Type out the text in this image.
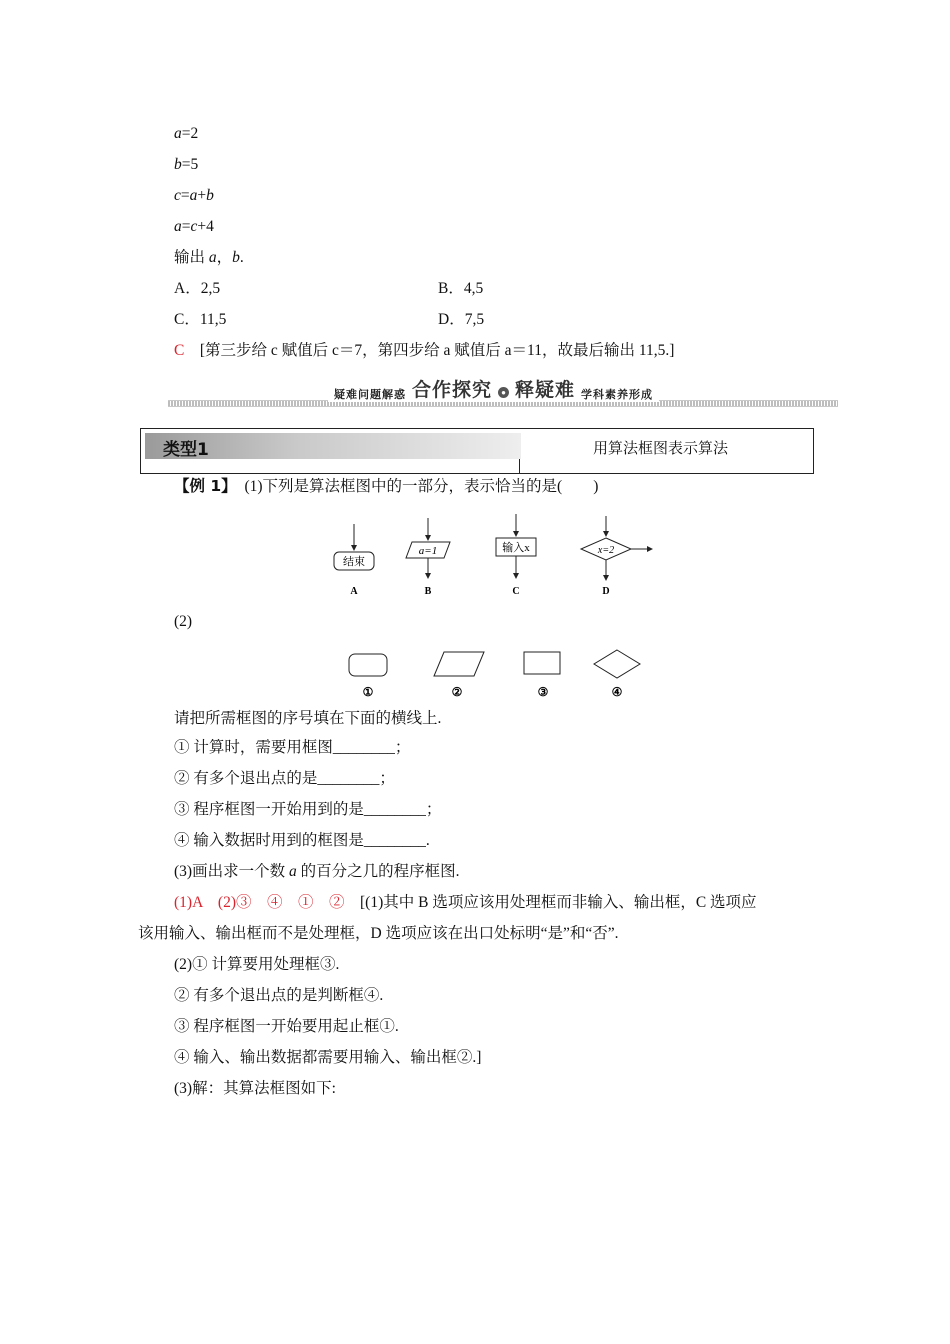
a=2
b=5
c=a+b
a=c+4
输出 a，b.
A．2,5	B．4,5
C．11,5	D．7,5
C　 [第三步给 c 赋值后 c＝7，第四步给 a 赋值后 a＝11，故最后输出 11,5.]
疑难问题解惑 合作探究	● 释疑难 学科素养形成
类型1	用算法框图表示算法
【例 1】　 (1)下列是算法框图中的一部分，表示恰当的是(　　)
结束
A
a=1
B
输入x
C
x=2
D
(2)
①	②	③	④
请把所需框图的序号填在下面的横线上.
① 计算时，需要用框图________；
② 有多个退出点的是________；
③ 程序框图一开始用到的是________；
④ 输入数据时用到的框图是________.
(3)画出求一个数 a 的百分之几的程序框图.
(1)A　(2)③　④　①　②　 [(1)其中 B 选项应该用处理框而非输入、输出框，C 选项应
该用输入、输出框而不是处理框，D 选项应该在出口处标明“是”和“否”.
(2)① 计算要用处理框③.
② 有多个退出点的是判断框④.
③ 程序框图一开始要用起止框①.
④ 输入、输出数据都需要用输入、输出框②.]
(3)解：其算法框图如下:
